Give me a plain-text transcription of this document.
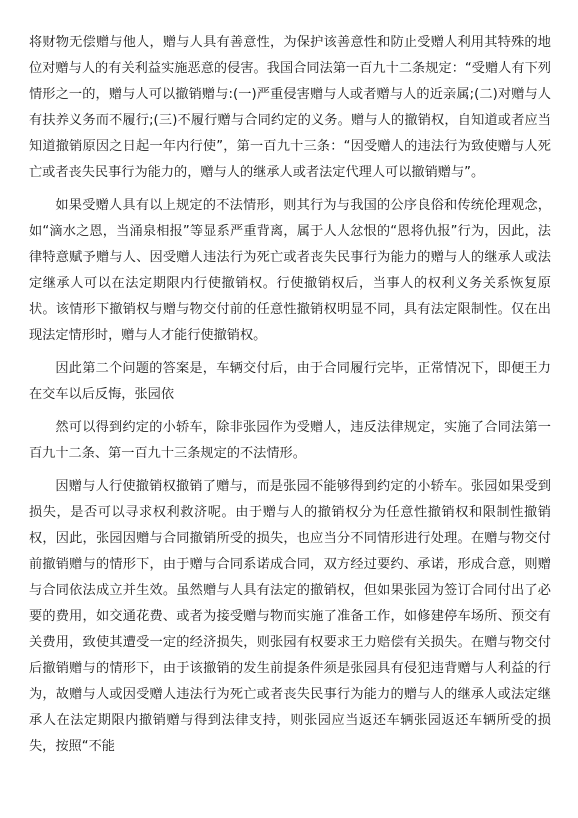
将财物无偿赠与他人，赠与人具有善意性，为保护该善意性和防止受赠人利用其特殊的地位对赠与人的有关利益实施恶意的侵害。我国合同法第一百九十二条规定：“受赠人有下列情形之一的，赠与人可以撤销赠与:(一)严重侵害赠与人或者赠与人的近亲属;(二)对赠与人有扶养义务而不履行;(三)不履行赠与合同约定的义务。赠与人的撤销权，自知道或者应当知道撤销原因之日起一年内行使”，第一百九十三条：“因受赠人的违法行为致使赠与人死亡或者丧失民事行为能力的，赠与人的继承人或者法定代理人可以撤销赠与”。

如果受赠人具有以上规定的不法情形，则其行为与我国的公序良俗和传统伦理观念，如“滴水之恩，当涌泉相报”等显系严重背离，属于人人忿恨的“恩将仇报”行为，因此，法律特意赋予赠与人、因受赠人违法行为死亡或者丧失民事行为能力的赠与人的继承人或法定继承人可以在法定期限内行使撤销权。行使撤销权后，当事人的权利义务关系恢复原状。该情形下撤销权与赠与物交付前的任意性撤销权明显不同，具有法定限制性。仅在出现法定情形时，赠与人才能行使撤销权。

因此第二个问题的答案是，车辆交付后，由于合同履行完毕，正常情况下，即便王力在交车以后反悔，张园依

然可以得到约定的小轿车，除非张园作为受赠人，违反法律规定，实施了合同法第一百九十二条、第一百九十三条规定的不法情形。

因赠与人行使撤销权撤销了赠与，而是张园不能够得到约定的小轿车。张园如果受到损失，是否可以寻求权利救济呢。由于赠与人的撤销权分为任意性撤销权和限制性撤销权，因此，张园因赠与合同撤销所受的损失，也应当分不同情形进行处理。在赠与物交付前撤销赠与的情形下，由于赠与合同系诺成合同，双方经过要约、承诺，形成合意，则赠与合同依法成立并生效。虽然赠与人具有法定的撤销权，但如果张园为签订合同付出了必要的费用，如交通花费、或者为接受赠与物而实施了准备工作，如修建停车场所、预交有关费用，致使其遭受一定的经济损失，则张园有权要求王力赔偿有关损失。在赠与物交付后撤销赠与的情形下，由于该撤销的发生前提条件须是张园具有侵犯违背赠与人利益的行为，故赠与人或因受赠人违法行为死亡或者丧失民事行为能力的赠与人的继承人或法定继承人在法定期限内撤销赠与得到法律支持，则张园应当返还车辆张园返还车辆所受的损失，按照“不能
